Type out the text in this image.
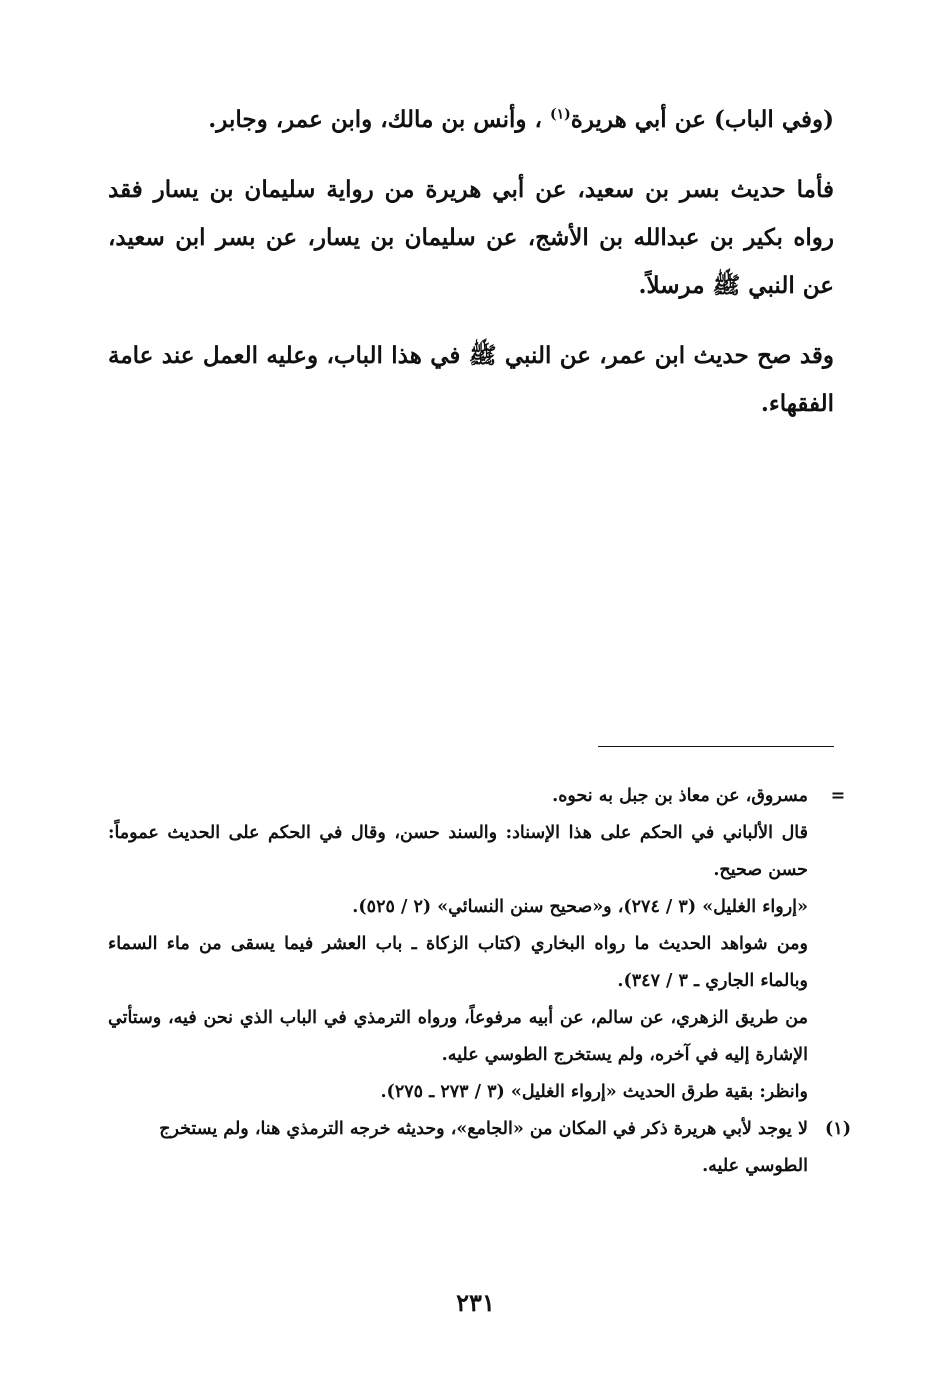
(وفي الباب) عن أبي هريرة$^{(١)}$ ، وأنس بن مالك، وابن عمر، وجابر.

فأما حديث بسر بن سعيد، عن أبي هريرة من رواية سليمان بن يسار فقد رواه بكير بن عبدالله بن الأشج، عن سليمان بن يسار، عن بسر ابن سعيد، عن النبي ﷺ مرسلاً.

وقد صح حديث ابن عمر، عن النبي ﷺ في هذا الباب، وعليه العمل عند عامة الفقهاء.

=

مسروق، عن معاذ بن جبل به نحوه.

قال الألباني في الحكم على هذا الإسناد: والسند حسن، وقال في الحكم على الحديث عموماً: حسن صحيح.

«إرواء الغليل» (٣ / ٢٧٤)، و«صحيح سنن النسائي» (٢ / ٥٢٥).

ومن شواهد الحديث ما رواه البخاري (كتاب الزكاة ـ باب العشر فيما يسقى من ماء السماء وبالماء الجاري ـ ٣ / ٣٤٧).

من طريق الزهري، عن سالم، عن أبيه مرفوعاً، ورواه الترمذي في الباب الذي نحن فيه، وستأتي الإشارة إليه في آخره، ولم يستخرج الطوسي عليه.

وانظر: بقية طرق الحديث «إرواء الغليل» (٣ / ٢٧٣ ـ ٢٧٥).

(١)

لا يوجد لأبي هريرة ذكر في المكان من «الجامع»، وحديثه خرجه الترمذي هنا، ولم يستخرج الطوسي عليه.

٢٣١
